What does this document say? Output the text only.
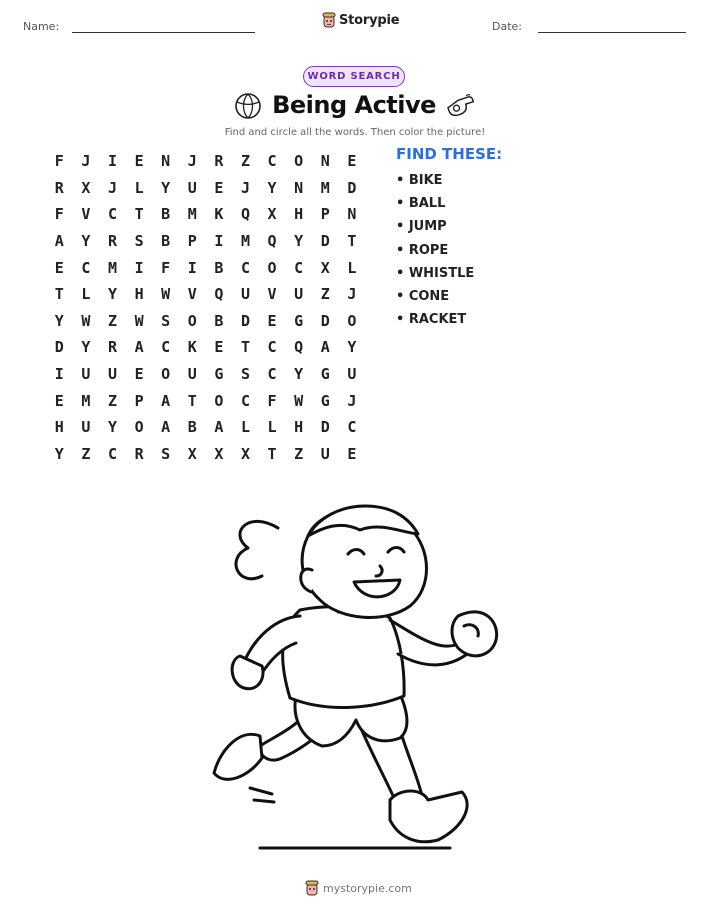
Name:	Storypie	Date:
WORD SEARCH
Being Active
Find and circle all the words. Then color the picture!
F	J	I	E	N	J	R	Z	C	O	N	E
R	X	J	L	Y	U	E	J	Y	N	M	D
F	V	C	T	B	M	K	Q	X	H	P	N
A	Y	R	S	B	P	I	M	Q	Y	D	T
E	C	M	I	F	I	B	C	O	C	X	L
T	L	Y	H	W	V	Q	U	V	U	Z	J
Y	W	Z	W	S	O	B	D	E	G	D	O
D	Y	R	A	C	K	E	T	C	Q	A	Y
I	U	U	E	O	U	G	S	C	Y	G	U
E	M	Z	P	A	T	O	C	F	W	G	J
H	U	Y	O	A	B	A	L	L	H	D	C
Y	Z	C	R	S	X	X	X	T	Z	U	E
FIND THESE:
• BIKE
• BALL
• JUMP
• ROPE
• WHISTLE
• CONE
• RACKET
mystorypie.com
